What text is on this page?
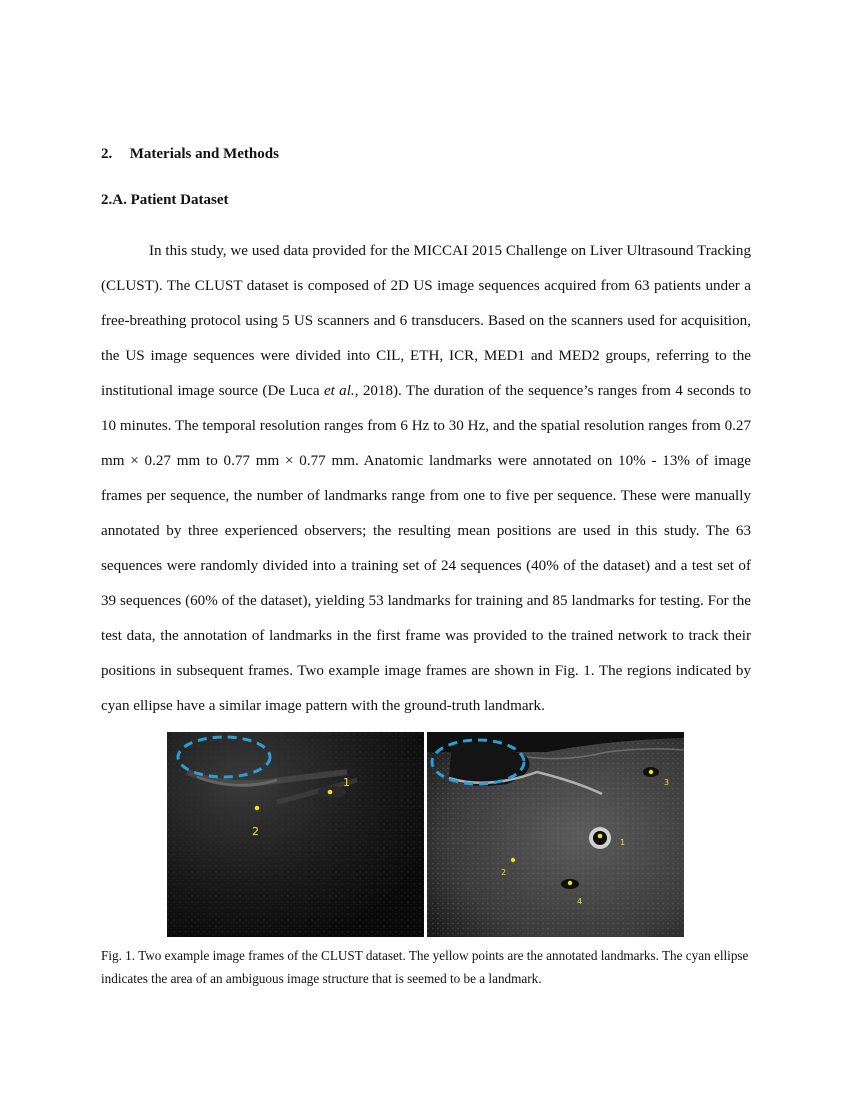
2. Materials and Methods
2.A. Patient Dataset

In this study, we used data provided for the MICCAI 2015 Challenge on Liver Ultrasound Tracking (CLUST). The CLUST dataset is composed of 2D US image sequences acquired from 63 patients under a free-breathing protocol using 5 US scanners and 6 transducers. Based on the scanners used for acquisition, the US image sequences were divided into CIL, ETH, ICR, MED1 and MED2 groups, referring to the institutional image source (De Luca et al., 2018). The duration of the sequence’s ranges from 4 seconds to 10 minutes. The temporal resolution ranges from 6 Hz to 30 Hz, and the spatial resolution ranges from 0.27 mm × 0.27 mm to 0.77 mm × 0.77 mm. Anatomic landmarks were annotated on 10% - 13% of image frames per sequence, the number of landmarks range from one to five per sequence. These were manually annotated by three experienced observers; the resulting mean positions are used in this study. The 63 sequences were randomly divided into a training set of 24 sequences (40% of the dataset) and a test set of 39 sequences (60% of the dataset), yielding 53 landmarks for training and 85 landmarks for testing. For the test data, the annotation of landmarks in the first frame was provided to the trained network to track their positions in subsequent frames. Two example image frames are shown in Fig. 1. The regions indicated by cyan ellipse have a similar image pattern with the ground-truth landmark.

1
2
1
2
3
4

Fig. 1. Two example image frames of the CLUST dataset. The yellow points are the annotated landmarks. The cyan ellipse indicates the area of an ambiguous image structure that is seemed to be a landmark.
